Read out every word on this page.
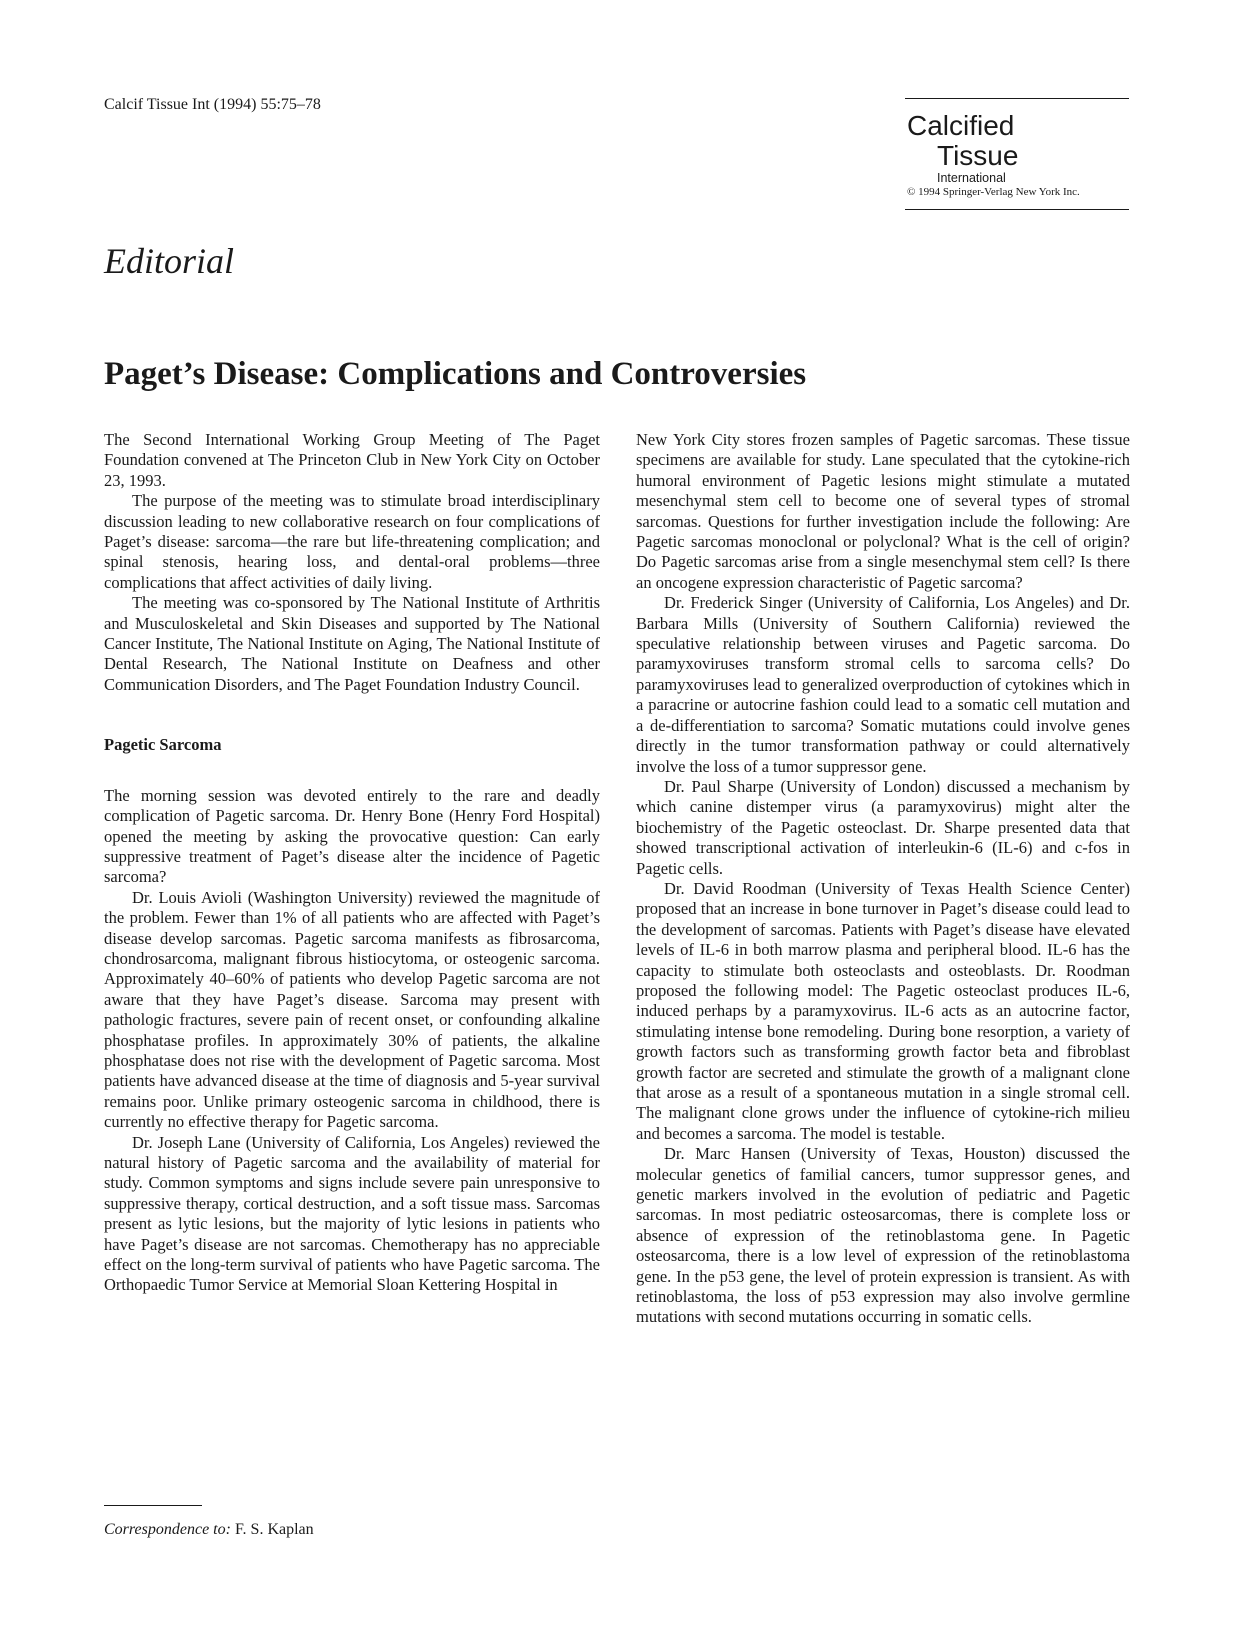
Calcif Tissue Int (1994) 55:75–78
Calcified
Tissue
International
© 1994 Springer-Verlag New York Inc.
Editorial
Paget’s Disease: Complications and Controversies

The Second International Working Group Meeting of The Paget Foundation convened at The Princeton Club in New York City on October 23, 1993.

The purpose of the meeting was to stimulate broad interdisciplinary discussion leading to new collaborative research on four complications of Paget’s disease: sarcoma—the rare but life-threatening complication; and spinal stenosis, hearing loss, and dental-oral problems—three complications that affect activities of daily living.

The meeting was co-sponsored by The National Institute of Arthritis and Musculoskeletal and Skin Diseases and supported by The National Cancer Institute, The National Institute on Aging, The National Institute of Dental Research, The National Institute on Deafness and other Communication Disorders, and The Paget Foundation Industry Council.

Pagetic Sarcoma

The morning session was devoted entirely to the rare and deadly complication of Pagetic sarcoma. Dr. Henry Bone (Henry Ford Hospital) opened the meeting by asking the provocative question: Can early suppressive treatment of Paget’s disease alter the incidence of Pagetic sarcoma?

Dr. Louis Avioli (Washington University) reviewed the magnitude of the problem. Fewer than 1% of all patients who are affected with Paget’s disease develop sarcomas. Pagetic sarcoma manifests as fibrosarcoma, chondrosarcoma, malignant fibrous histiocytoma, or osteogenic sarcoma. Approximately 40–60% of patients who develop Pagetic sarcoma are not aware that they have Paget’s disease. Sarcoma may present with pathologic fractures, severe pain of recent onset, or confounding alkaline phosphatase profiles. In approximately 30% of patients, the alkaline phosphatase does not rise with the development of Pagetic sarcoma. Most patients have advanced disease at the time of diagnosis and 5-year survival remains poor. Unlike primary osteogenic sarcoma in childhood, there is currently no effective therapy for Pagetic sarcoma.

Dr. Joseph Lane (University of California, Los Angeles) reviewed the natural history of Pagetic sarcoma and the availability of material for study. Common symptoms and signs include severe pain unresponsive to suppressive therapy, cortical destruction, and a soft tissue mass. Sarcomas present as lytic lesions, but the majority of lytic lesions in patients who have Paget’s disease are not sarcomas. Chemotherapy has no appreciable effect on the long-term survival of patients who have Pagetic sarcoma. The Orthopaedic Tumor Service at Memorial Sloan Kettering Hospital in

New York City stores frozen samples of Pagetic sarcomas. These tissue specimens are available for study. Lane speculated that the cytokine-rich humoral environment of Pagetic lesions might stimulate a mutated mesenchymal stem cell to become one of several types of stromal sarcomas. Questions for further investigation include the following: Are Pagetic sarcomas monoclonal or polyclonal? What is the cell of origin? Do Pagetic sarcomas arise from a single mesenchymal stem cell? Is there an oncogene expression characteristic of Pagetic sarcoma?

Dr. Frederick Singer (University of California, Los Angeles) and Dr. Barbara Mills (University of Southern California) reviewed the speculative relationship between viruses and Pagetic sarcoma. Do paramyxoviruses transform stromal cells to sarcoma cells? Do paramyxoviruses lead to generalized overproduction of cytokines which in a paracrine or autocrine fashion could lead to a somatic cell mutation and a de-differentiation to sarcoma? Somatic mutations could involve genes directly in the tumor transformation pathway or could alternatively involve the loss of a tumor suppressor gene.

Dr. Paul Sharpe (University of London) discussed a mechanism by which canine distemper virus (a paramyxovirus) might alter the biochemistry of the Pagetic osteoclast. Dr. Sharpe presented data that showed transcriptional activation of interleukin-6 (IL-6) and c-fos in Pagetic cells.

Dr. David Roodman (University of Texas Health Science Center) proposed that an increase in bone turnover in Paget’s disease could lead to the development of sarcomas. Patients with Paget’s disease have elevated levels of IL-6 in both marrow plasma and peripheral blood. IL-6 has the capacity to stimulate both osteoclasts and osteoblasts. Dr. Roodman proposed the following model: The Pagetic osteoclast produces IL-6, induced perhaps by a paramyxovirus. IL-6 acts as an autocrine factor, stimulating intense bone remodeling. During bone resorption, a variety of growth factors such as transforming growth factor beta and fibroblast growth factor are secreted and stimulate the growth of a malignant clone that arose as a result of a spontaneous mutation in a single stromal cell. The malignant clone grows under the influence of cytokine-rich milieu and becomes a sarcoma. The model is testable.

Dr. Marc Hansen (University of Texas, Houston) discussed the molecular genetics of familial cancers, tumor suppressor genes, and genetic markers involved in the evolution of pediatric and Pagetic sarcomas. In most pediatric osteosarcomas, there is complete loss or absence of expression of the retinoblastoma gene. In Pagetic osteosarcoma, there is a low level of expression of the retinoblastoma gene. In the p53 gene, the level of protein expression is transient. As with retinoblastoma, the loss of p53 expression may also involve germline mutations with second mutations occurring in somatic cells.

Correspondence to: F. S. Kaplan
